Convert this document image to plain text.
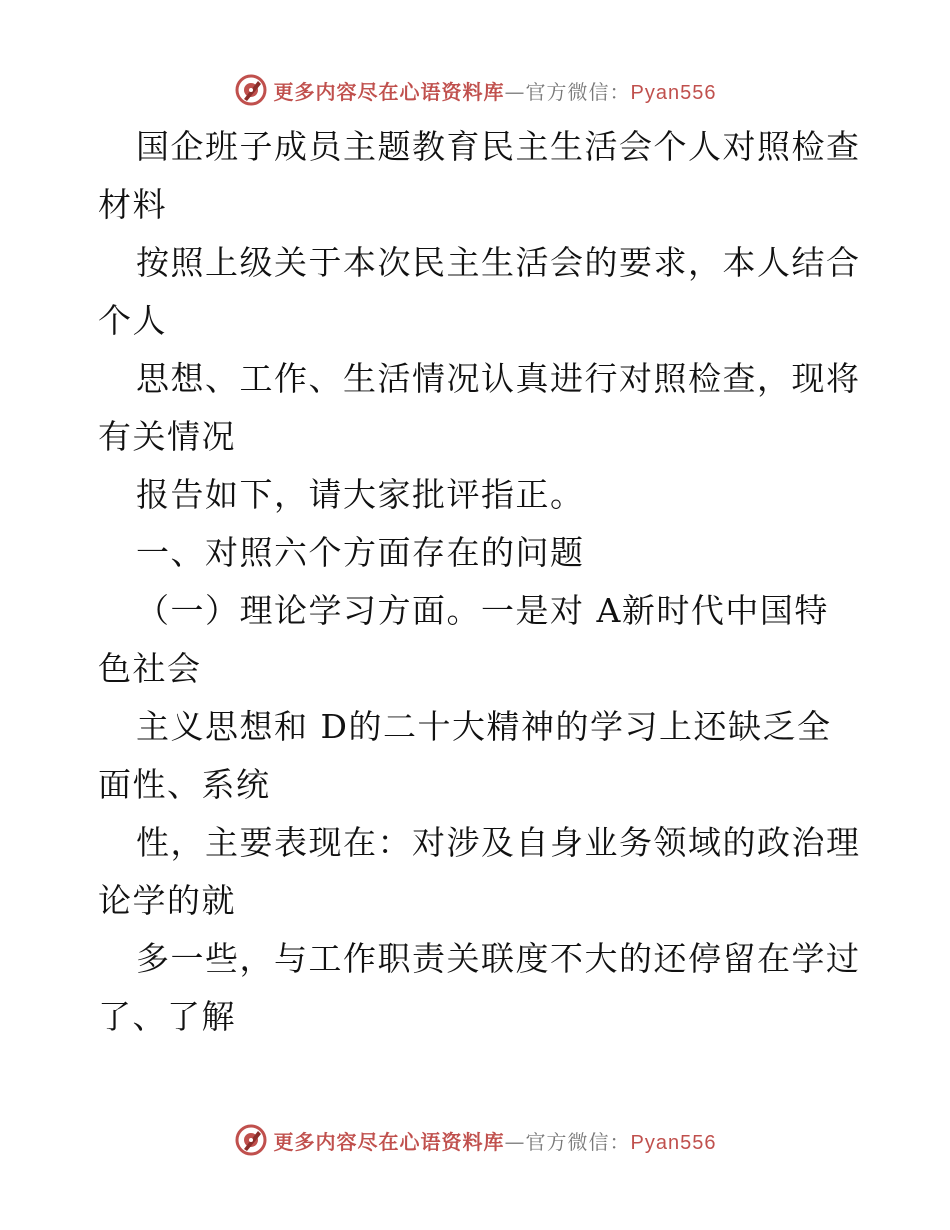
更多内容尽在心语资料库—官方微信：Pyan556
国企班子成员主题教育民主生活会个人对照检查
材料
按照上级关于本次民主生活会的要求，本人结合
个人
思想、工作、生活情况认真进行对照检查，现将
有关情况
报告如下，请大家批评指正。
一、对照六个方面存在的问题
（一）理论学习方面。一是对 A新时代中国特
色社会
主义思想和 D的二十大精神的学习上还缺乏全
面性、系统
性，主要表现在：对涉及自身业务领域的政治理
论学的就
多一些，与工作职责关联度不大的还停留在学过
了、了解
更多内容尽在心语资料库—官方微信：Pyan556
